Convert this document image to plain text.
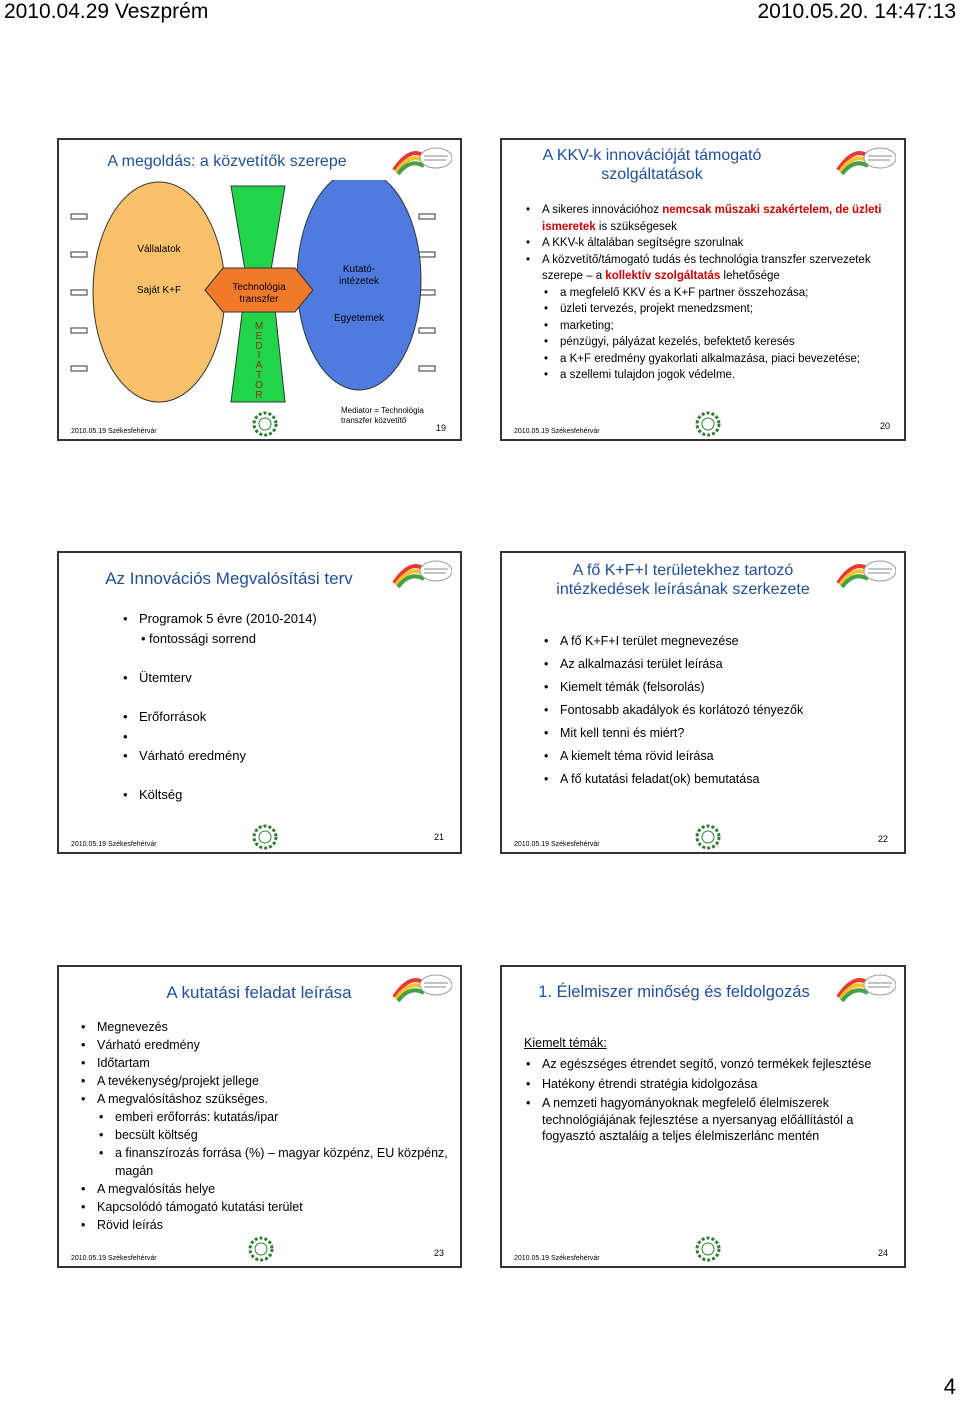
2010.04.29 Veszprém	2010.05.20. 14:47:13
A megoldás: a közvetítők szerepe
Vállalatok
Saját K+F	Technológia transzfer
M
E
D
I
A
T
O
R
Kutató-intézetek
Egyetemek
Mediator = Technológia transzfer közvetítő
2010.05.19 Székesfehérvár	19
A KKV-k innovációját támogató szolgáltatások
• A sikeres innovációhoz nemcsak műszaki szakértelem, de üzleti ismeretek is szükségesek
• A KKV-k általában segítségre szorulnak
• A közvetítő/támogató tudás és technológia transzfer szervezetek szerepe – a kollektív szolgáltatás lehetősége
• a megfelelő KKV és a K+F partner összehozása;
• üzleti tervezés, projekt menedzsment;
• marketing;
• pénzügyi, pályázat kezelés, befektető keresés
• a K+F eredmény gyakorlati alkalmazása, piaci bevezetése;
• a szellemi tulajdon jogok védelme.
2010.05.19 Székesfehérvár
20
Az Innovációs Megvalósítási terv
• Programok 5 évre (2010-2014)
• fontossági sorrend
• Ütemterv
• Erőforrások
•
• Várható eredmény
• Költség
2010.05.19 Székesfehérvár
21
A fő K+F+I területekhez tartozó intézkedések leírásának szerkezete
• A fő K+F+I terület megnevezése
• Az alkalmazási terület leírása
• Kiemelt témák (felsorolás)
• Fontosabb akadályok és korlátozó tényezők
• Mit kell tenni és miért?
• A kiemelt téma rövid leírása
• A fő kutatási feladat(ok) bemutatása
2010.05.19 Székesfehérvár
22
A kutatási feladat leírása
• Megnevezés
• Várható eredmény
• Időtartam
• A tevékenység/projekt jellege
• A megvalósításhoz szükséges.
• emberi erőforrás: kutatás/ipar
• becsült költség
• a finanszírozás forrása (%) – magyar közpénz, EU közpénz, magán
• A megvalósítás helye
• Kapcsolódó támogató kutatási terület
• Rövid leírás
2010.05.19 Székesfehérvár
23
1. Élelmiszer minőség és feldolgozás
Kiemelt témák:
• Az egészséges étrendet segítő, vonzó termékek fejlesztése
• Hatékony étrendi stratégia kidolgozása
• A nemzeti hagyományoknak megfelelő élelmiszerek technológiájának fejlesztése a nyersanyag előállítástól a fogyasztó asztaláig a teljes élelmiszerlánc mentén
2010.05.19 Székesfehérvár
24
4
